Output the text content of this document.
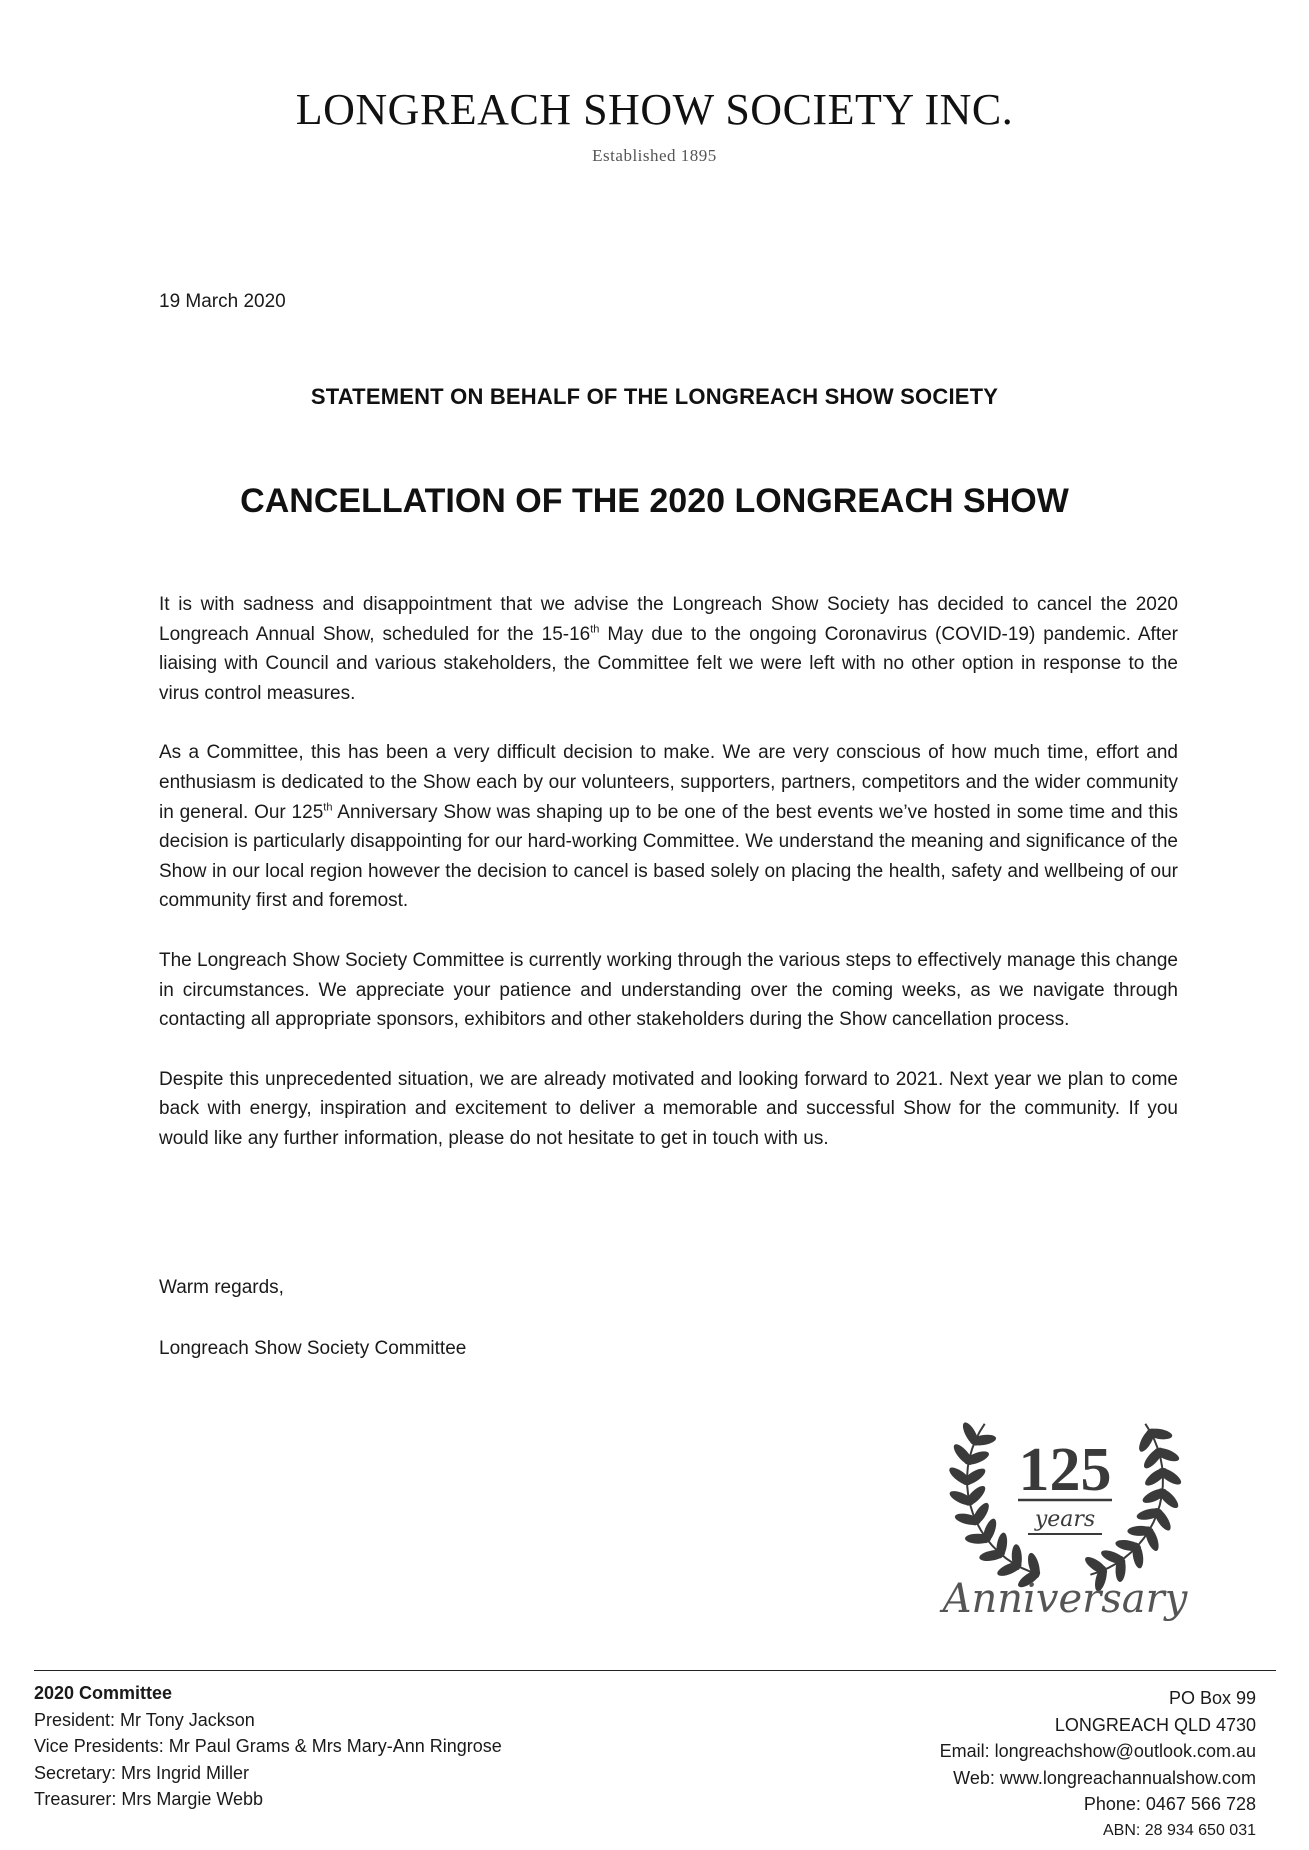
LONGREACH SHOW SOCIETY INC.
Established 1895
19 March 2020
STATEMENT ON BEHALF OF THE LONGREACH SHOW SOCIETY
CANCELLATION OF THE 2020 LONGREACH SHOW

It is with sadness and disappointment that we advise the Longreach Show Society has decided to cancel the 2020 Longreach Annual Show, scheduled for the 15-16th May due to the ongoing Coronavirus (COVID-19) pandemic. After liaising with Council and various stakeholders, the Committee felt we were left with no other option in response to the virus control measures.

As a Committee, this has been a very difficult decision to make. We are very conscious of how much time, effort and enthusiasm is dedicated to the Show each by our volunteers, supporters, partners, competitors and the wider community in general. Our 125th Anniversary Show was shaping up to be one of the best events we’ve hosted in some time and this decision is particularly disappointing for our hard-working Committee. We understand the meaning and significance of the Show in our local region however the decision to cancel is based solely on placing the health, safety and wellbeing of our community first and foremost.

The Longreach Show Society Committee is currently working through the various steps to effectively manage this change in circumstances. We appreciate your patience and understanding over the coming weeks, as we navigate through contacting all appropriate sponsors, exhibitors and other stakeholders during the Show cancellation process.

Despite this unprecedented situation, we are already motivated and looking forward to 2021. Next year we plan to come back with energy, inspiration and excitement to deliver a memorable and successful Show for the community. If you would like any further information, please do not hesitate to get in touch with us.

Warm regards,
Longreach Show Society Committee
125
years
Anniversary
2020 Committee
President: Mr Tony Jackson
Vice Presidents: Mr Paul Grams & Mrs Mary-Ann Ringrose
Secretary: Mrs Ingrid Miller
Treasurer: Mrs Margie Webb
PO Box 99
LONGREACH QLD 4730
Email: longreachshow@outlook.com.au
Web: www.longreachannualshow.com
Phone: 0467 566 728
ABN: 28 934 650 031
